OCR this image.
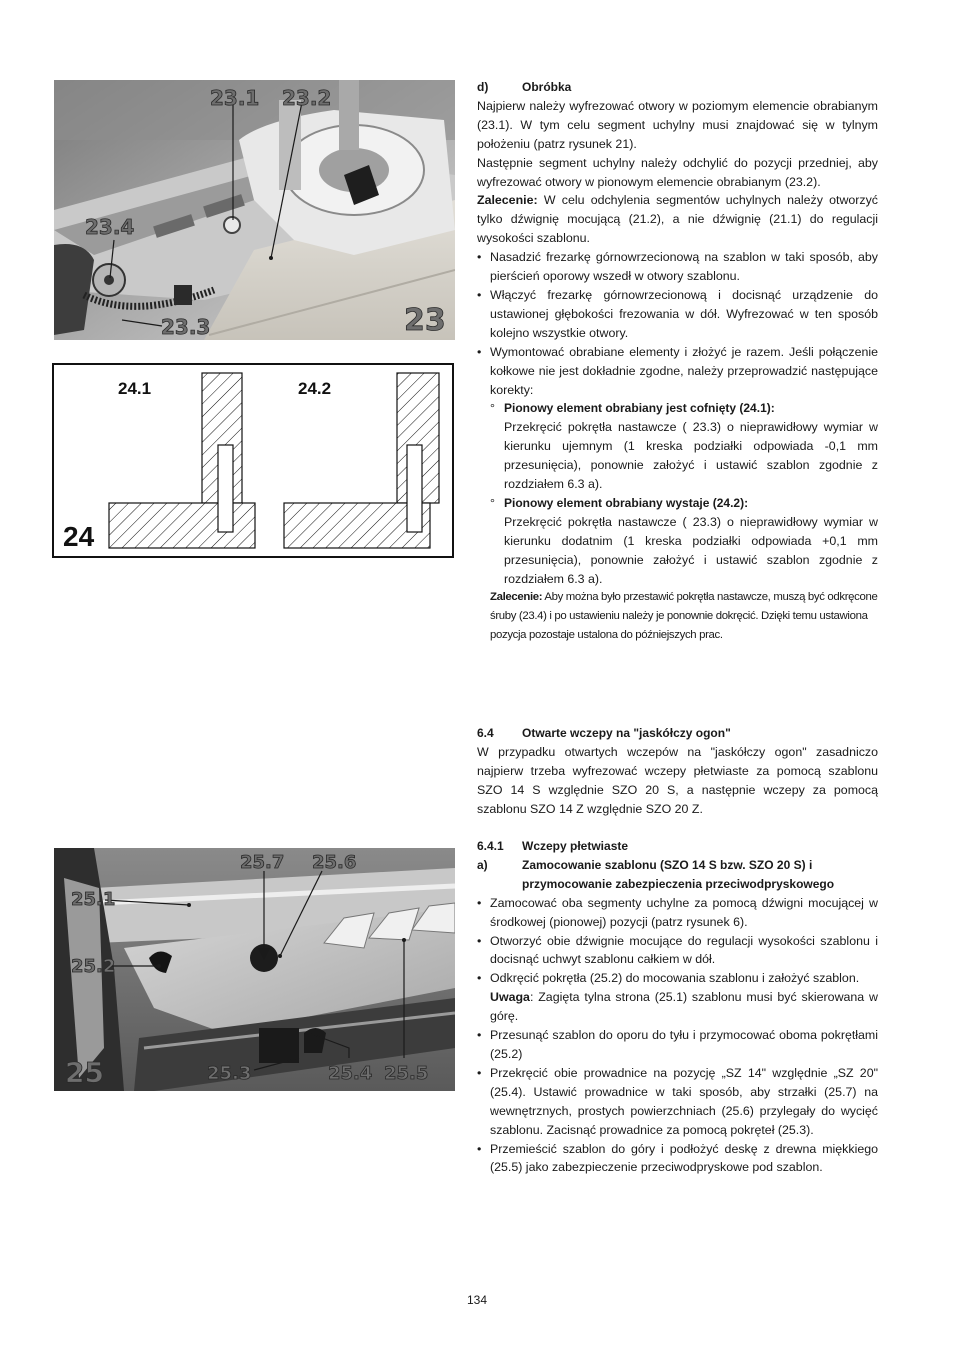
23.1 23.2
23.4
23.3	23
24.1	24.2
24
25.7 25.6
25.1
25.2
25.3	25.4 25.5
25

d)	Obróbka

Najpierw należy wyfrezować otwory w poziomym elemencie obrabianym (23.1). W tym celu segment uchylny musi znajdować się w tylnym położeniu (patrz rysunek 21).

Następnie segment uchylny należy odchylić do pozycji przedniej, aby wyfrezować otwory w pionowym elemencie obrabianym (23.2).

Zalecenie: W celu odchylenia segmentów uchylnych należy otworzyć tylko dźwignię mocującą (21.2), a nie dźwignię (21.1) do regulacji wysokości szablonu.

• Nasadzić frezarkę górnowrzecionową na szablon w taki sposób, aby pierścień oporowy wszedł w otwory szablonu.
• Włączyć frezarkę górnowrzecionową i docisnąć urządzenie do ustawionej głębokości frezowania w dół. Wyfrezować w ten sposób kolejno wszystkie otwory.
• Wymontować obrabiane elementy i złożyć je razem. Jeśli połączenie kołkowe nie jest dokładnie zgodne, należy przeprowadzić następujące korekty:
° Pionowy element obrabiany jest cofnięty (24.1):

Przekręcić pokrętła nastawcze ( 23.3) o nieprawidłowy wymiar w kierunku ujemnym (1 kreska podziałki odpowiada -0,1 mm przesunięcia), ponownie założyć i ustawić szablon zgodnie z rozdziałem 6.3 a).

° Pionowy element obrabiany wystaje (24.2):

Przekręcić pokrętła nastawcze ( 23.3) o nieprawidłowy wymiar w kierunku dodatnim (1 kreska podziałki odpowiada +0,1 mm przesunięcia), ponownie założyć i ustawić szablon zgodnie z rozdziałem 6.3 a).

Zalecenie: Aby można było przestawić pokrętła nastawcze, muszą być odkręcone śruby (23.4) i po ustawieniu należy je ponownie dokręcić. Dzięki temu ustawiona pozycja pozostaje ustalona do późniejszych prac.

6.4 Otwarte wczepy na "jaskółczy ogon"

W przypadku otwartych wczepów na "jaskółczy ogon" zasadniczo najpierw trzeba wyfrezować wczepy płetwiaste za pomocą szablonu SZO 14 S względnie SZO 20 S, a następnie wczepy za pomocą szablonu SZO 14 Z względnie SZO 20 Z.

6.4.1 Wczepy płetwiaste

a)	Zamocowanie szablonu (SZO 14 S bzw. SZO 20 S) i przymocowanie zabezpieczenia przeciwodpryskowego
• Zamocować oba segmenty uchylne za pomocą dźwigni mocującej w środkowej (pionowej) pozycji (patrz rysunek 6).
• Otworzyć obie dźwignie mocujące do regulacji wysokości szablonu i docisnąć uchwyt szablonu całkiem w dół.
• Odkręcić pokrętła (25.2) do mocowania szablonu i założyć szablon.

Uwaga: Zagięta tylna strona (25.1) szablonu musi być skierowana w górę.

• Przesunąć szablon do oporu do tyłu i przymocować oboma pokrętłami (25.2)
• Przekręcić obie prowadnice na pozycję „SZ 14" względnie „SZ 20" (25.4). Ustawić prowadnice w taki sposób, aby strzałki (25.7) na wewnętrznych, prostych powierzchniach (25.6) przylegały do wycięć szablonu. Zacisnąć prowadnice za pomocą pokręteł (25.3).
• Przemieścić szablon do góry i podłożyć deskę z drewna miękkiego (25.5) jako zabezpieczenie przeciwodpryskowe pod szablon.
134
